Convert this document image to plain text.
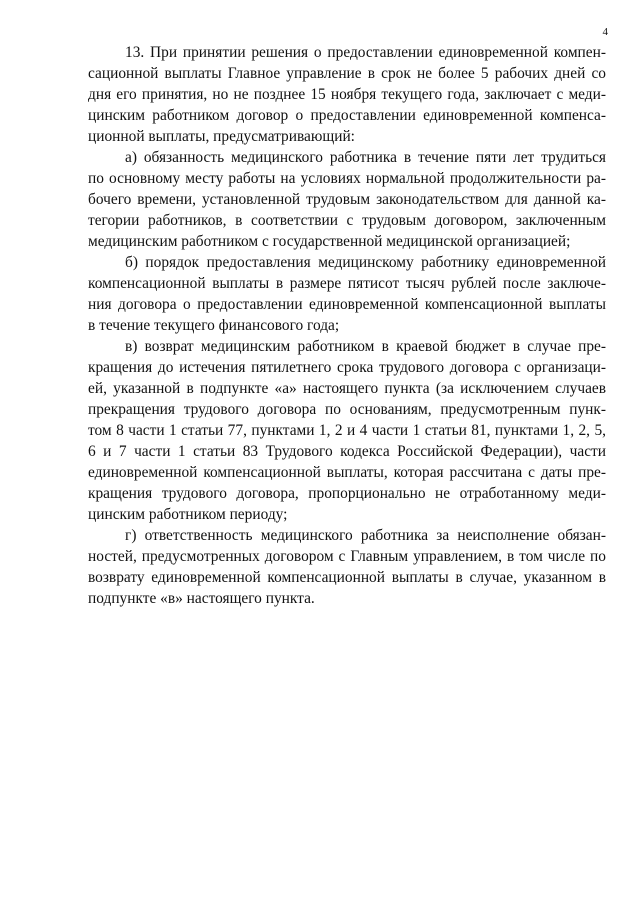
4
13. При принятии решения о предоставлении единовременной компен-
сационной выплаты Главное управление в срок не более 5 рабочих дней со
дня его принятия, но не позднее 15 ноября текущего года, заключает с меди-
цинским работником договор о предоставлении единовременной компенса-
ционной выплаты, предусматривающий:
а) обязанность медицинского работника в течение пяти лет трудиться
по основному месту работы на условиях нормальной продолжительности ра-
бочего времени, установленной трудовым законодательством для данной ка-
тегории работников, в соответствии с трудовым договором, заключенным
медицинским работником с государственной медицинской организацией;
б) порядок предоставления медицинскому работнику единовременной
компенсационной выплаты в размере пятисот тысяч рублей после заключе-
ния договора о предоставлении единовременной компенсационной выплаты
в течение текущего финансового года;
в) возврат медицинским работником в краевой бюджет в случае пре-
кращения до истечения пятилетнего срока трудового договора с организаци-
ей, указанной в подпункте «а» настоящего пункта (за исключением случаев
прекращения трудового договора по основаниям, предусмотренным пунк-
том 8 части 1 статьи 77, пунктами 1, 2 и 4 части 1 статьи 81, пунктами 1, 2, 5,
6 и 7 части 1 статьи 83 Трудового кодекса Российской Федерации), части
единовременной компенсационной выплаты, которая рассчитана с даты пре-
кращения трудового договора, пропорционально не отработанному меди-
цинским работником периоду;
г) ответственность медицинского работника за неисполнение обязан-
ностей, предусмотренных договором с Главным управлением, в том числе по
возврату единовременной компенсационной выплаты в случае, указанном в
подпункте «в» настоящего пункта.
